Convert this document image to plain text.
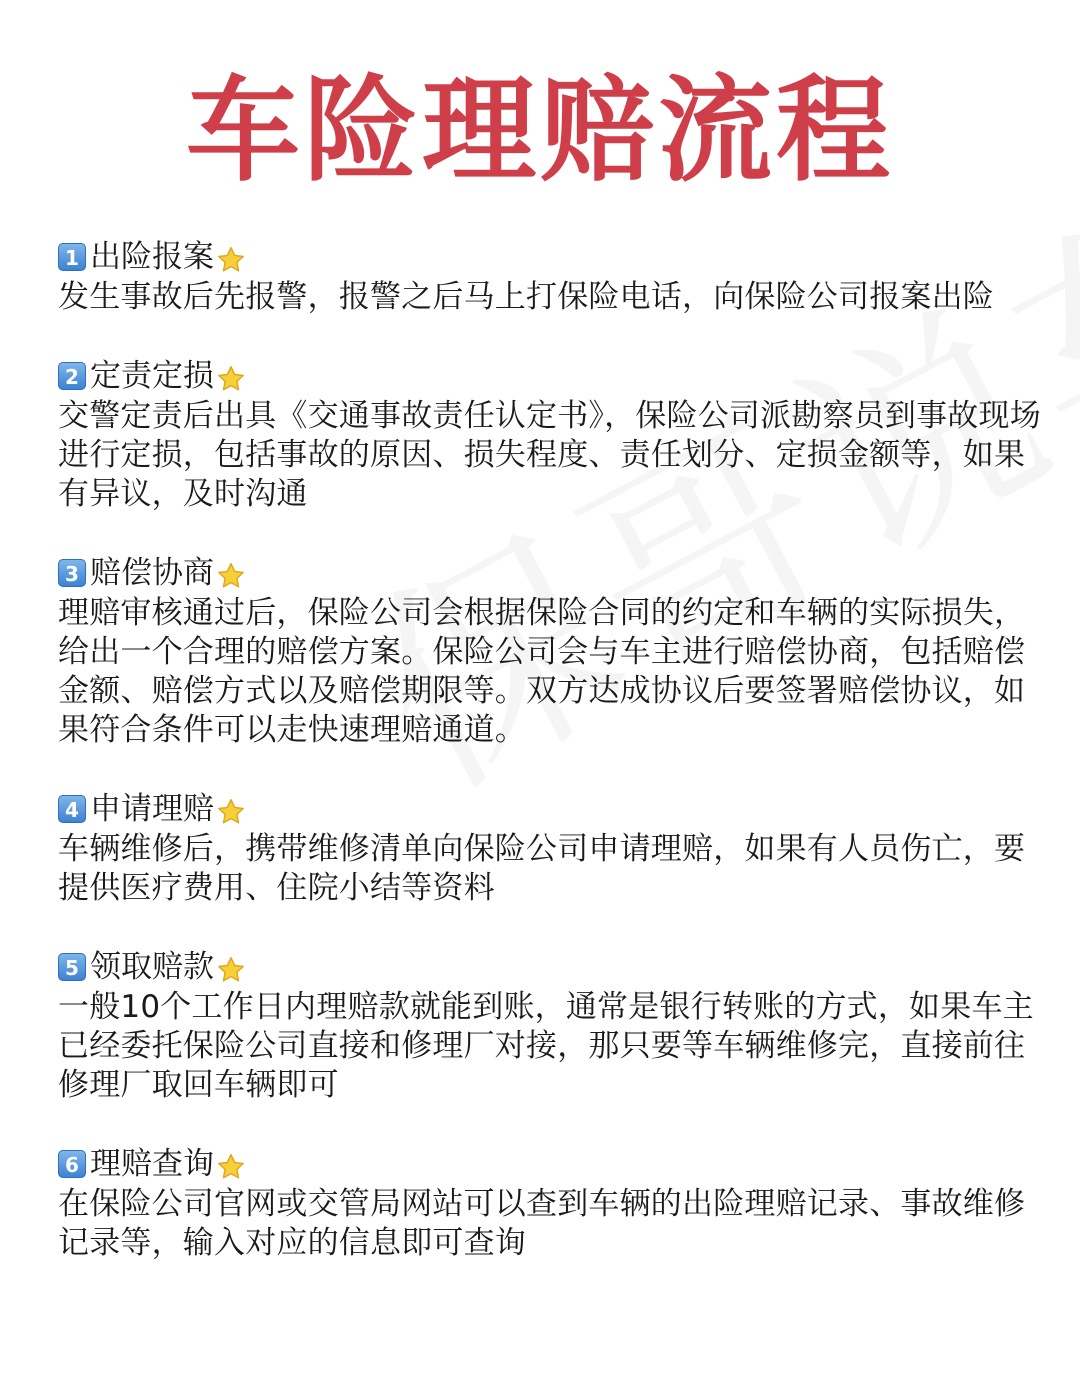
车险理赔流程
1 出险报案

发生事故后先报警，报警之后马上打保险电话，向保险公司报案出险

2 定责定损

交警定责后出具《交通事故责任认定书》，保险公司派勘察员到事故现场进行定损，包括事故的原因、损失程度、责任划分、定损金额等，如果有异议，及时沟通

3 赔偿协商

理赔审核通过后，保险公司会根据保险合同的约定和车辆的实际损失，给出一个合理的赔偿方案。保险公司会与车主进行赔偿协商，包括赔偿金额、赔偿方式以及赔偿期限等。双方达成协议后要签署赔偿协议，如果符合条件可以走快速理赔通道。

4 申请理赔

车辆维修后，携带维修清单向保险公司申请理赔，如果有人员伤亡，要提供医疗费用、住院小结等资料

5 领取赔款

一般10个工作日内理赔款就能到账，通常是银行转账的方式，如果车主已经委托保险公司直接和修理厂对接，那只要等车辆维修完，直接前往修理厂取回车辆即可

6 理赔查询

在保险公司官网或交管局网站可以查到车辆的出险理赔记录、事故维修记录等，输入对应的信息即可查询
